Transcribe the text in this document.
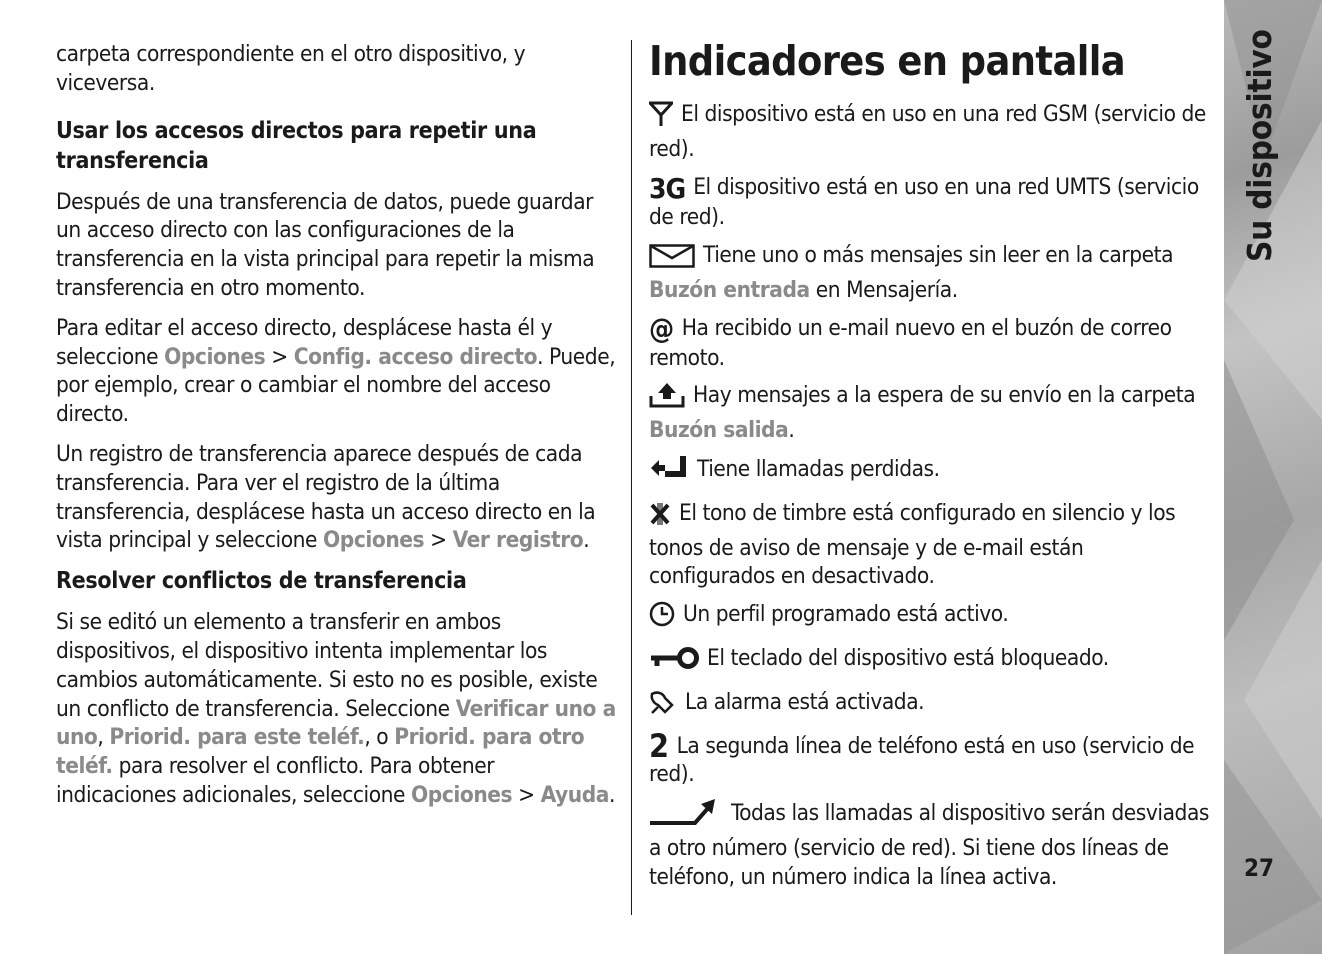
carpeta correspondiente en el otro dispositivo, y viceversa.

Usar los accesos directos para repetir una transferencia

Después de una transferencia de datos, puede guardar un acceso directo con las configuraciones de la transferencia en la vista principal para repetir la misma transferencia en otro momento.

Para editar el acceso directo, desplácese hasta él y seleccione Opciones > Config. acceso directo. Puede, por ejemplo, crear o cambiar el nombre del acceso directo.

Un registro de transferencia aparece después de cada transferencia. Para ver el registro de la última transferencia, desplácese hasta un acceso directo en la vista principal y seleccione Opciones > Ver registro.

Resolver conflictos de transferencia

Si se editó un elemento a transferir en ambos dispositivos, el dispositivo intenta implementar los cambios automáticamente. Si esto no es posible, existe un conflicto de transferencia. Seleccione Verificar uno a uno, Priorid. para este teléf., o Priorid. para otro teléf. para resolver el conflicto. Para obtener indicaciones adicionales, seleccione Opciones > Ayuda.

Indicadores en pantalla

El dispositivo está en uso en una red GSM (servicio de red).

3G El dispositivo está en uso en una red UMTS (servicio de red).

Tiene uno o más mensajes sin leer en la carpeta Buzón entrada en Mensajería.

@ Ha recibido un e-mail nuevo en el buzón de correo remoto.

Hay mensajes a la espera de su envío en la carpeta Buzón salida.

Tiene llamadas perdidas.

El tono de timbre está configurado en silencio y los tonos de aviso de mensaje y de e-mail están configurados en desactivado.

Un perfil programado está activo.

El teclado del dispositivo está bloqueado.

La alarma está activada.

2 La segunda línea de teléfono está en uso (servicio de red).

Todas las llamadas al dispositivo serán desviadas a otro número (servicio de red). Si tiene dos líneas de teléfono, un número indica la línea activa.

Su dispositivo
27
